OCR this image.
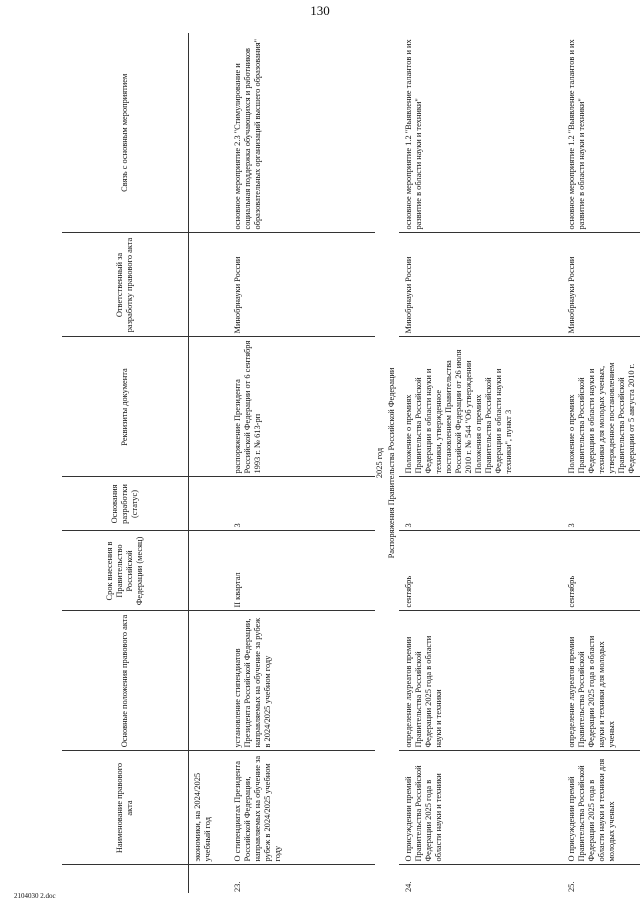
130
	Наименование правового акта	Основные положения правового акта	Срок внесения в Правительство Российской Федерации (месяц)	Основания разработки (статус)	Реквизиты документа	Ответственный за разработку правового акта	Связь с основным мероприятием
	экономики, на 2024/2025 учебный год						
23.	О стипендиатах Президента Российской Федерации, направляемых на обучение за рубеж в 2024/2025 учебном году	установление стипендиатов Президента Российской Федерации, направляемых на обучение за рубеж в 2024/2025 учебном году	II квартал	3	распоряжение Президента Российской Федерации от 6 сентября 1993 г. № 613-рп	Минобрнауки России	основное мероприятие 2.3 "Стимулирование и социальная поддержка обучающихся и работников образовательных организаций высшего образования"
2025 год							
Распоряжения Правительства Российской Федерации							
24.	О присуждении премий Правительства Российской Федерации 2025 года в области науки и техники	определение лауреатов премии Правительства Российской Федерации 2025 года в области науки и техники	сентябрь	3	Положение о премиях Правительства Российской Федерации в области науки и техники, утвержденное постановлением Правительства Российской Федерации от 26 июля 2010 г. № 544 "Об утверждении Положения о премиях Правительства Российской Федерации в области науки и техники", пункт 3	Минобрнауки России	основное мероприятие 1.2 "Выявление талантов и их развитие в области науки и техники"
25.	О присуждении премий Правительства Российской Федерации 2025 года в области науки и техники для молодых ученых	определение лауреатов премии Правительства Российской Федерации 2025 года в области науки и техники для молодых ученых	сентябрь	3	Положение о премиях Правительства Российской Федерации в области науки и техники для молодых ученых, утвержденное постановлением Правительства Российской Федерации от 5 августа 2010 г.	Минобрнауки России	основное мероприятие 1.2 "Выявление талантов и их развитие в области науки и техники"
2104030 2.doc
